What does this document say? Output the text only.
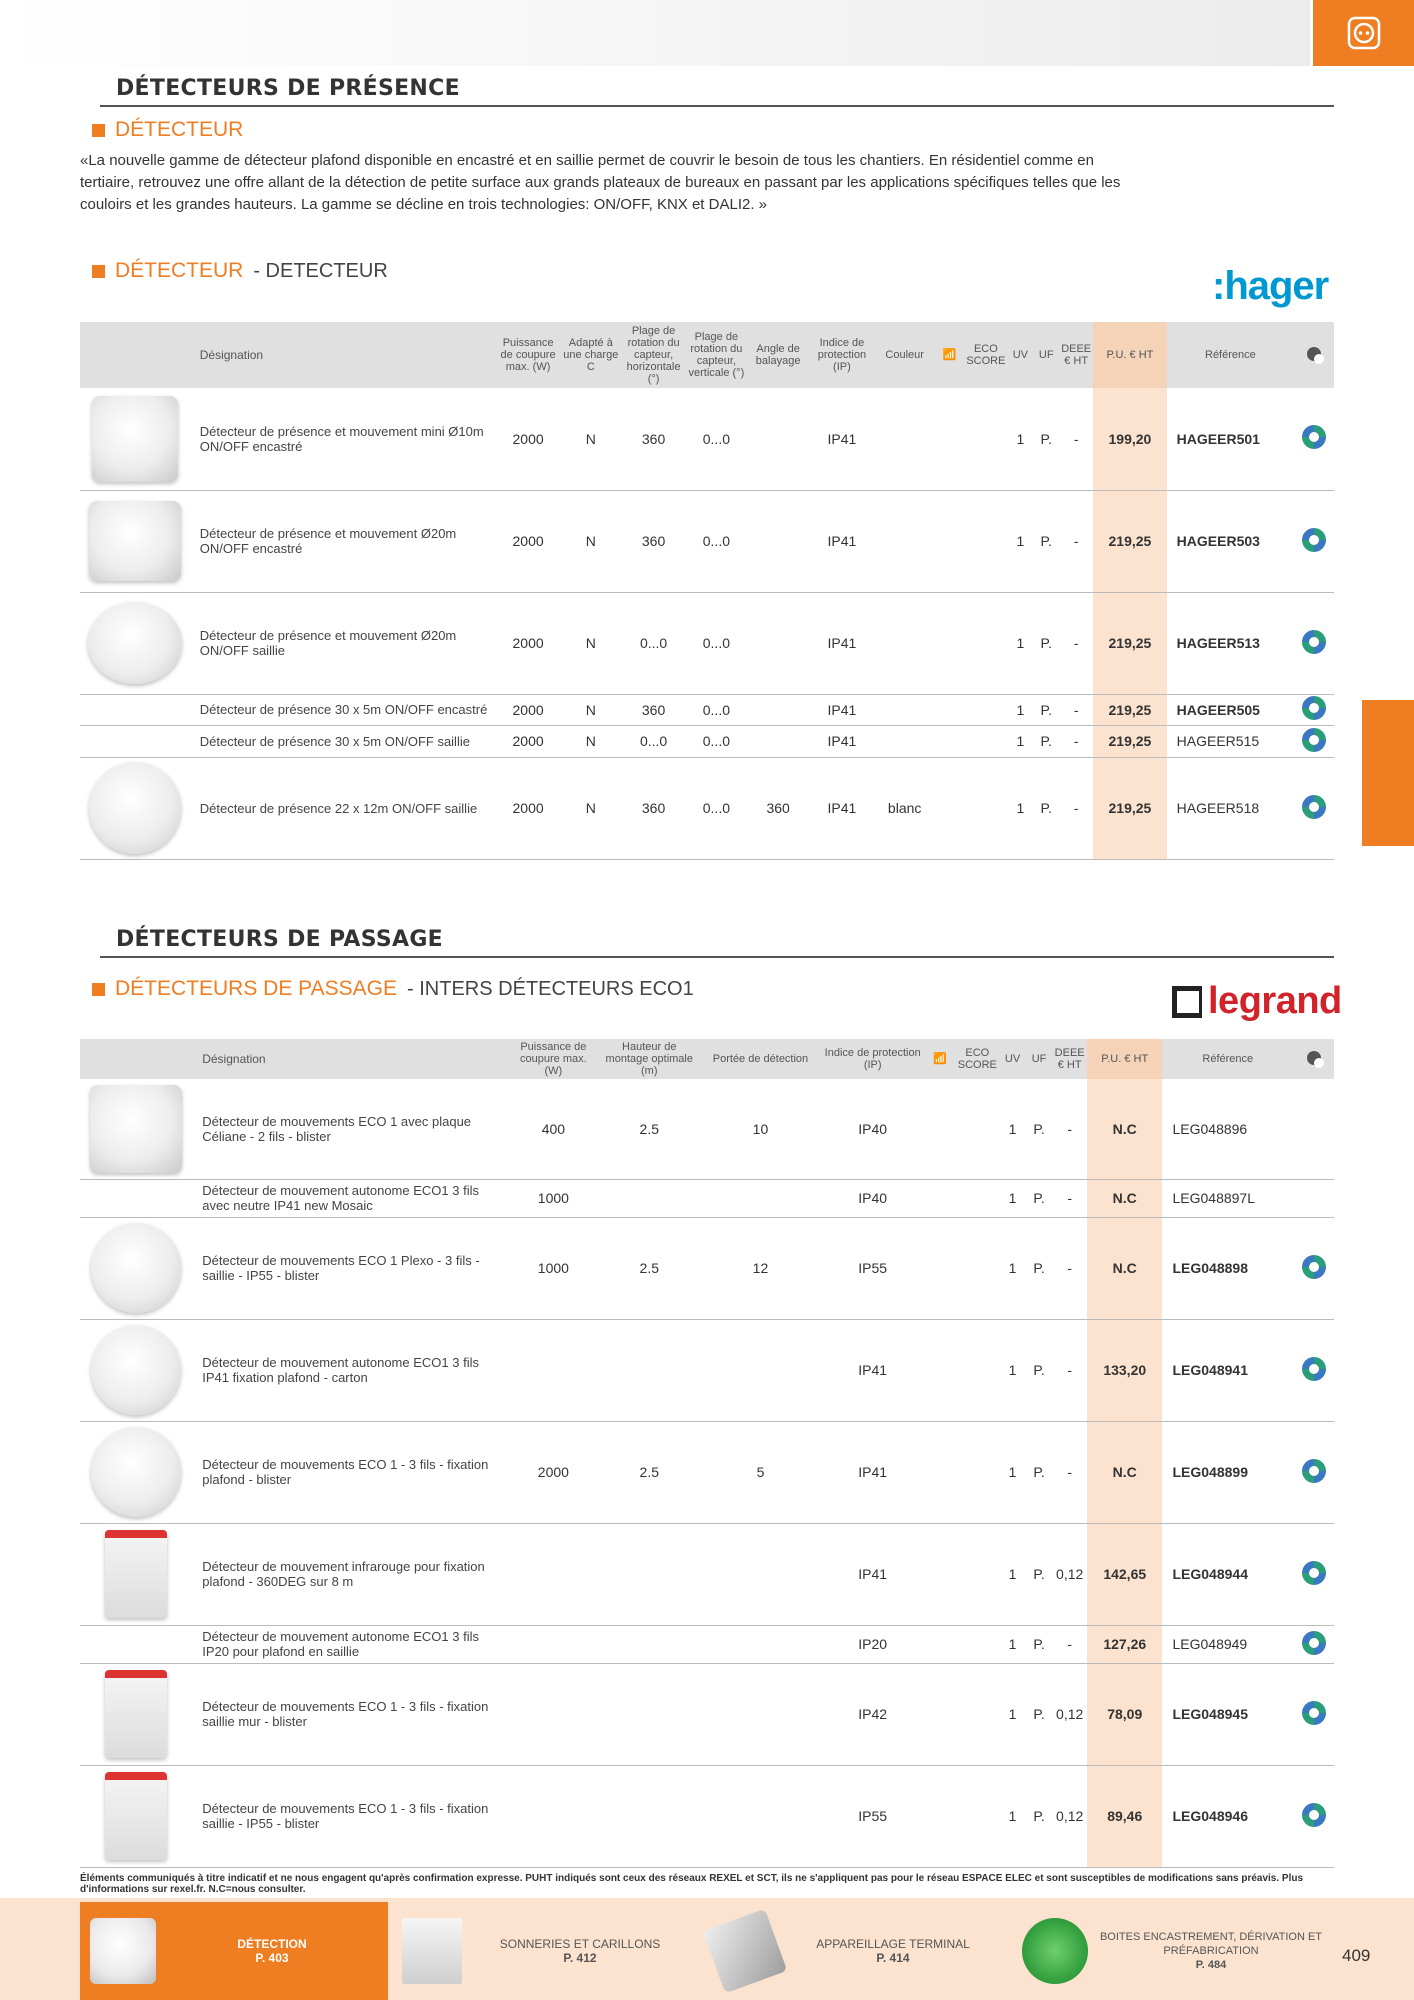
DÉTECTEURS DE PRÉSENCE
DÉTECTEUR

«La nouvelle gamme de détecteur plafond disponible en encastré et en saillie permet de couvrir le besoin de tous les chantiers. En résidentiel comme en tertiaire, retrouvez une offre allant de la détection de petite surface aux grands plateaux de bureaux en passant par les applications spécifiques telles que les couloirs et les grandes hauteurs. La gamme se décline en trois technologies: ON/OFF, KNX et DALI2. »

DÉTECTEUR - DETECTEUR	:hager
	Désignation	Puissance de coupure max. (W)	Adapté à une charge C	Plage de rotation du capteur, horizontale (°)	Plage de rotation du capteur, verticale (°)	Angle de balayage	Indice de protection (IP)	Couleur	📶	ECO SCORE	UV	UF	DEEE € HT	P.U. € HT	Référence	

	Détecteur de présence et mouvement mini Ø10m ON/OFF encastré	2000	N	360	0...0		IP41				1	P.	-	199,20	HAGEER501	

	Détecteur de présence et mouvement Ø20m ON/OFF encastré	2000	N	360	0...0		IP41				1	P.	-	219,25	HAGEER503	

	Détecteur de présence et mouvement Ø20m ON/OFF saillie	2000	N	0...0	0...0		IP41				1	P.	-	219,25	HAGEER513	
	Détecteur de présence 30 x 5m ON/OFF encastré	2000	N	360	0...0		IP41				1	P.	-	219,25	HAGEER505	
	Détecteur de présence 30 x 5m ON/OFF saillie	2000	N	0...0	0...0		IP41				1	P.	-	219,25	HAGEER515	

	Détecteur de présence 22 x 12m ON/OFF saillie	2000	N	360	0...0	360	IP41	blanc			1	P.	-	219,25	HAGEER518	
DÉTECTEURS DE PASSAGE
DÉTECTEURS DE PASSAGE - INTERS DÉTECTEURS ECO1	legrand
	Désignation	Puissance de coupure max. (W)	Hauteur de montage optimale (m)	Portée de détection	Indice de protection (IP)	📶	ECO SCORE	UV	UF	DEEE € HT	P.U. € HT	Référence	

	Détecteur de mouvements ECO 1 avec plaque Céliane - 2 fils - blister	400	2.5	10	IP40			1	P.	-	N.C	LEG048896	
	Détecteur de mouvement autonome ECO1 3 fils avec neutre IP41 new Mosaic	1000			IP40			1	P.	-	N.C	LEG048897L	

	Détecteur de mouvements ECO 1 Plexo - 3 fils - saillie - IP55 - blister	1000	2.5	12	IP55			1	P.	-	N.C	LEG048898	

	Détecteur de mouvement autonome ECO1 3 fils IP41 fixation plafond - carton				IP41			1	P.	-	133,20	LEG048941	

	Détecteur de mouvements ECO 1 - 3 fils - fixation plafond - blister	2000	2.5	5	IP41			1	P.	-	N.C	LEG048899	

	Détecteur de mouvement infrarouge pour fixation plafond - 360DEG sur 8 m				IP41			1	P.	0,12	142,65	LEG048944	
	Détecteur de mouvement autonome ECO1 3 fils IP20 pour plafond en saillie				IP20			1	P.	-	127,26	LEG048949	

	Détecteur de mouvements ECO 1 - 3 fils - fixation saillie mur - blister				IP42			1	P.	0,12	78,09	LEG048945	

	Détecteur de mouvements ECO 1 - 3 fils - fixation saillie - IP55 - blister				IP55			1	P.	0,12	89,46	LEG048946	

Éléments communiqués à titre indicatif et ne nous engagent qu'après confirmation expresse. PUHT indiqués sont ceux des réseaux REXEL et SCT, ils ne s'appliquent pas pour le réseau ESPACE ELEC et sont susceptibles de modifications sans préavis. Plus d'informations sur rexel.fr. N.C=nous consulter.

DÉTECTION
P. 403
SONNERIES ET CARILLONS
P. 412
APPAREILLAGE TERMINAL
P. 414
BOITES ENCASTREMENT, DÉRIVATION ET PRÉFABRICATION
P. 484	409
